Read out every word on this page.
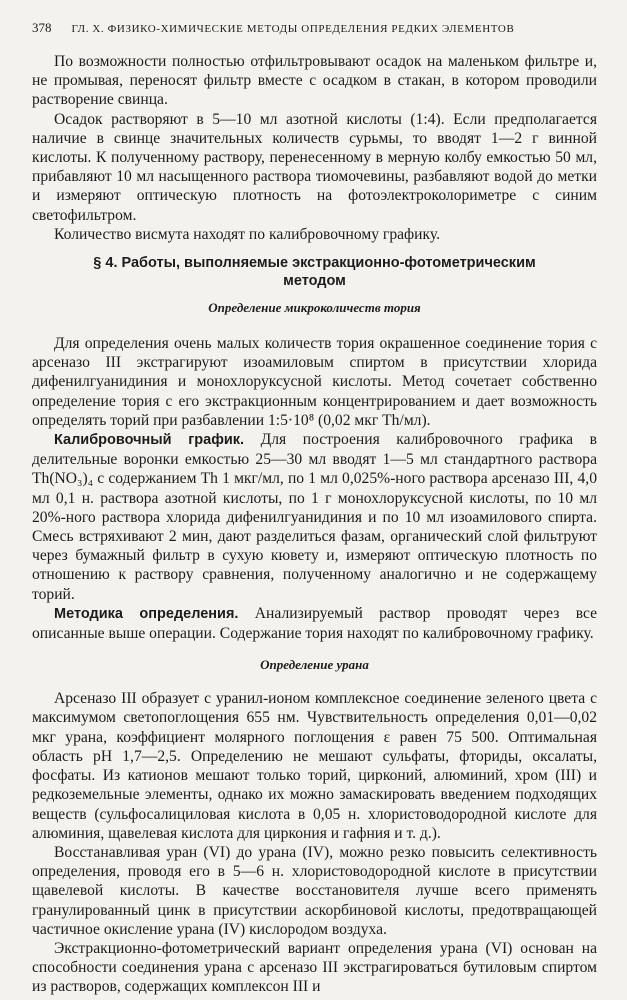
378 ГЛ. X. ФИЗИКО-ХИМИЧЕСКИЕ МЕТОДЫ ОПРЕДЕЛЕНИЯ РЕДКИХ ЭЛЕМЕНТОВ

По возможности полностью отфильтровывают осадок на маленьком фильтре и, не промывая, переносят фильтр вместе с осадком в стакан, в котором проводили растворение свинца.

Осадок растворяют в 5—10 мл азотной кислоты (1:4). Если предполагается наличие в свинце значительных количеств сурьмы, то вводят 1—2 г винной кислоты. К полученному раствору, перенесенному в мерную колбу емкостью 50 мл, прибавляют 10 мл насыщенного раствора тиомочевины, разбавляют водой до метки и измеряют оптическую плотность на фотоэлектроколориметре с синим светофильтром.

Количество висмута находят по калибровочному графику.

§ 4. Работы, выполняемые экстракционно-фотометрическим методом
Определение микроколичеств тория

Для определения очень малых количеств тория окрашенное соединение тория с арсеназо III экстрагируют изоамиловым спиртом в присутствии хлорида дифенилгуанидиния и монохлоруксусной кислоты. Метод сочетает собственно определение тория с его экстракционным концентрированием и дает возможность определять торий при разбавлении 1:5·10⁸ (0,02 мкг Th/мл).

Калибровочный график. Для построения калибровочного графика в делительные воронки емкостью 25—30 мл вводят 1—5 мл стандартного раствора Th(NO₃)₄ с содержанием Th 1 мкг/мл, по 1 мл 0,025%-ного раствора арсеназо III, 4,0 мл 0,1 н. раствора азотной кислоты, по 1 г монохлоруксусной кислоты, по 10 мл 20%-ного раствора хлорида дифенилгуанидиния и по 10 мл изоамилового спирта. Смесь встряхивают 2 мин, дают разделиться фазам, органический слой фильтруют через бумажный фильтр в сухую кювету и, измеряют оптическую плотность по отношению к раствору сравнения, полученному аналогично и не содержащему торий.

Методика определения. Анализируемый раствор проводят через все описанные выше операции. Содержание тория находят по калибровочному графику.

Определение урана

Арсеназо III образует с уранил-ионом комплексное соединение зеленого цвета с максимумом светопоглощения 655 нм. Чувствительность определения 0,01—0,02 мкг урана, коэффициент молярного поглощения ε равен 75 500. Оптимальная область pH 1,7—2,5. Определению не мешают сульфаты, фториды, оксалаты, фосфаты. Из катионов мешают только торий, цирконий, алюминий, хром (III) и редкоземельные элементы, однако их можно замаскировать введением подходящих веществ (сульфосалициловая кислота в 0,05 н. хлористоводородной кислоте для алюминия, щавелевая кислота для циркония и гафния и т. д.).

Восстанавливая уран (VI) до урана (IV), можно резко повысить селективность определения, проводя его в 5—6 н. хлористоводородной кислоте в присутствии щавелевой кислоты. В качестве восстановителя лучше всего применять гранулированный цинк в присутствии аскорбиновой кислоты, предотвращающей частичное окисление урана (IV) кислородом воздуха.

Экстракционно-фотометрический вариант определения урана (VI) основан на способности соединения урана с арсеназо III экстрагироваться бутиловым спиртом из растворов, содержащих комплексон III и
